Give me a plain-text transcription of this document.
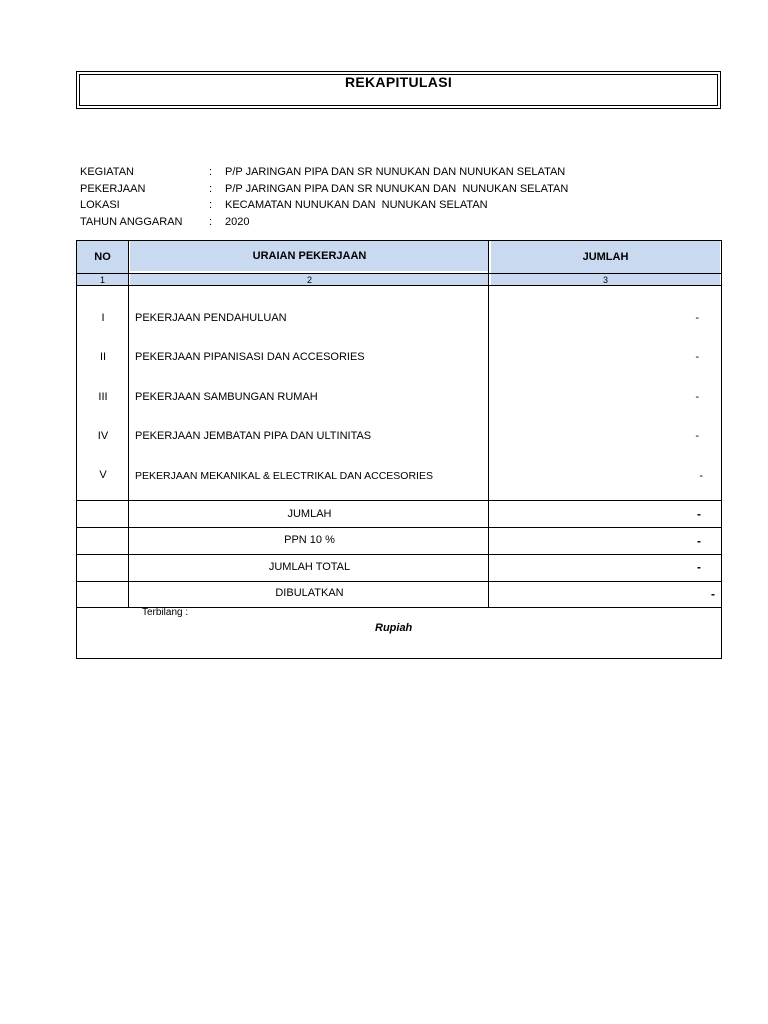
REKAPITULASI
KEGIATAN	:	P/P JARINGAN PIPA DAN SR NUNUKAN DAN NUNUKAN SELATAN
PEKERJAAN	:	P/P JARINGAN PIPA DAN SR NUNUKAN DAN  NUNUKAN SELATAN
LOKASI	:	KECAMATAN NUNUKAN DAN  NUNUKAN SELATAN
TAHUN ANGGARAN	:	2020
NO	URAIAN PEKERJAAN	JUMLAH
1	2	3
I	PEKERJAAN PENDAHULUAN	-
II	PEKERJAAN PIPANISASI DAN ACCESORIES	-
III	PEKERJAAN SAMBUNGAN RUMAH	-
IV	PEKERJAAN JEMBATAN PIPA DAN ULTINITAS	-
V	PEKERJAAN MEKANIKAL & ELECTRIKAL DAN ACCESORIES	-
JUMLAH	-
PPN 10 %	-
JUMLAH TOTAL	-
DIBULATKAN	-
Terbilang :
Rupiah
